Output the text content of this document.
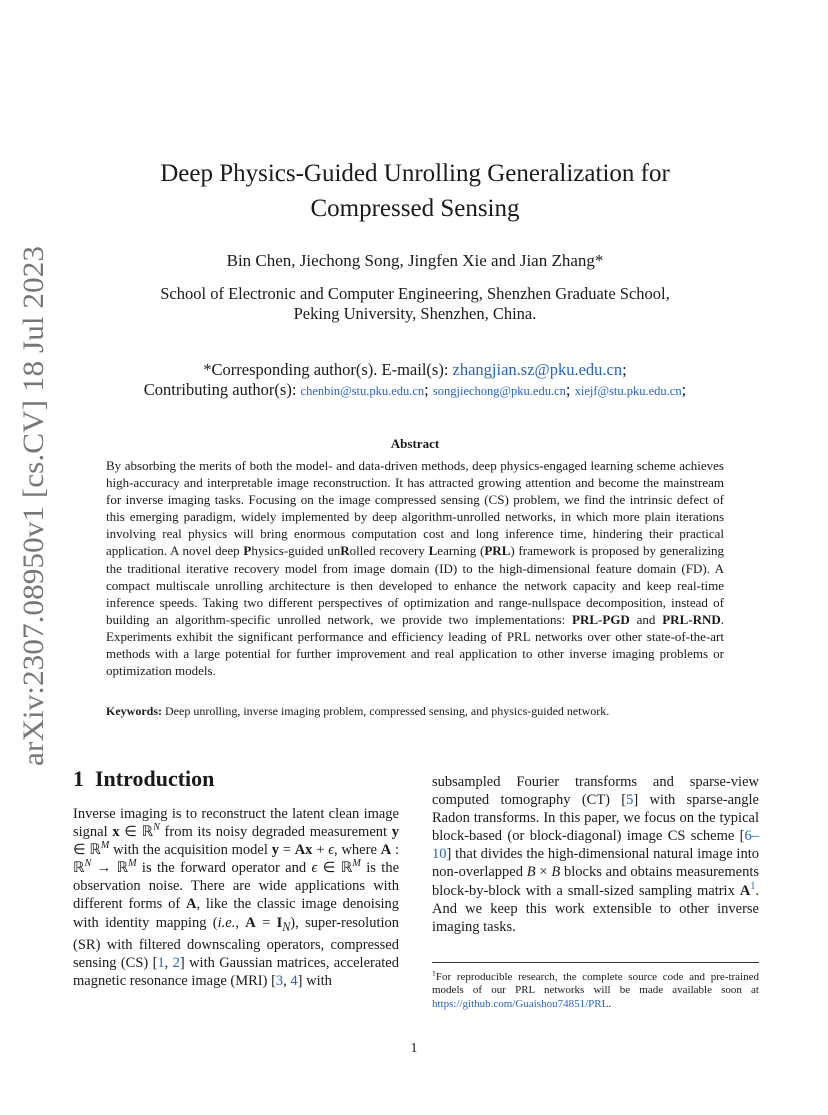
arXiv:2307.08950v1 [cs.CV] 18 Jul 2023
Deep Physics-Guided Unrolling Generalization for
Compressed Sensing
Bin Chen, Jiechong Song, Jingfen Xie and Jian Zhang*
School of Electronic and Computer Engineering, Shenzhen Graduate School,
Peking University, Shenzhen, China.
*Corresponding author(s). E-mail(s): zhangjian.sz@pku.edu.cn;
Contributing author(s): chenbin@stu.pku.edu.cn; songjiechong@pku.edu.cn; xiejf@stu.pku.edu.cn;
Abstract
By absorbing the merits of both the model- and data-driven methods, deep physics-engaged learning scheme achieves high-accuracy and interpretable image reconstruction. It has attracted growing attention and become the mainstream for inverse imaging tasks. Focusing on the image compressed sensing (CS) problem, we find the intrinsic defect of this emerging paradigm, widely implemented by deep algorithm-unrolled networks, in which more plain iterations involving real physics will bring enormous computation cost and long inference time, hindering their practical application. A novel deep Physics-guided unRolled recovery Learning (PRL) framework is proposed by generalizing the traditional iterative recovery model from image domain (ID) to the high-dimensional feature domain (FD). A compact multiscale unrolling architecture is then developed to enhance the network capacity and keep real-time inference speeds. Taking two different perspectives of optimization and range-nullspace decomposition, instead of building an algorithm-specific unrolled network, we provide two implementations: PRL-PGD and PRL-RND. Experiments exhibit the significant performance and efficiency leading of PRL networks over other state-of-the-art methods with a large potential for further improvement and real application to other inverse imaging problems or optimization models.
Keywords: Deep unrolling, inverse imaging problem, compressed sensing, and physics-guided network.
1 Introduction
Inverse imaging is to reconstruct the latent clean image signal x ∈ ℝ$^N$ from its noisy degraded measurement y ∈ ℝ$^M$ with the acquisition model y = Ax + ϵ, where A : ℝ$^N$ → ℝ$^M$ is the forward operator and ϵ ∈ ℝ$^M$ is the observation noise. There are wide applications with different forms of A, like the classic image denoising with identity mapping (i.e., $A = I_N$), super-resolution (SR) with filtered downscaling operators, compressed sensing (CS) [1, 2] with Gaussian matrices, accelerated magnetic resonance image (MRI) [3, 4] with
subsampled Fourier transforms and sparse-view computed tomography (CT) [5] with sparse-angle Radon transforms. In this paper, we focus on the typical block-based (or block-diagonal) image CS scheme [6–10] that divides the high-dimensional natural image into non-overlapped B × B blocks and obtains measurements block-by-block with a small-sized sampling matrix $A^1$. And we keep this work extensible to other inverse imaging tasks.
$^1$For reproducible research, the complete source code and pre-trained models of our PRL networks will be made available soon at https://github.com/Guaishou74851/PRL.
1
